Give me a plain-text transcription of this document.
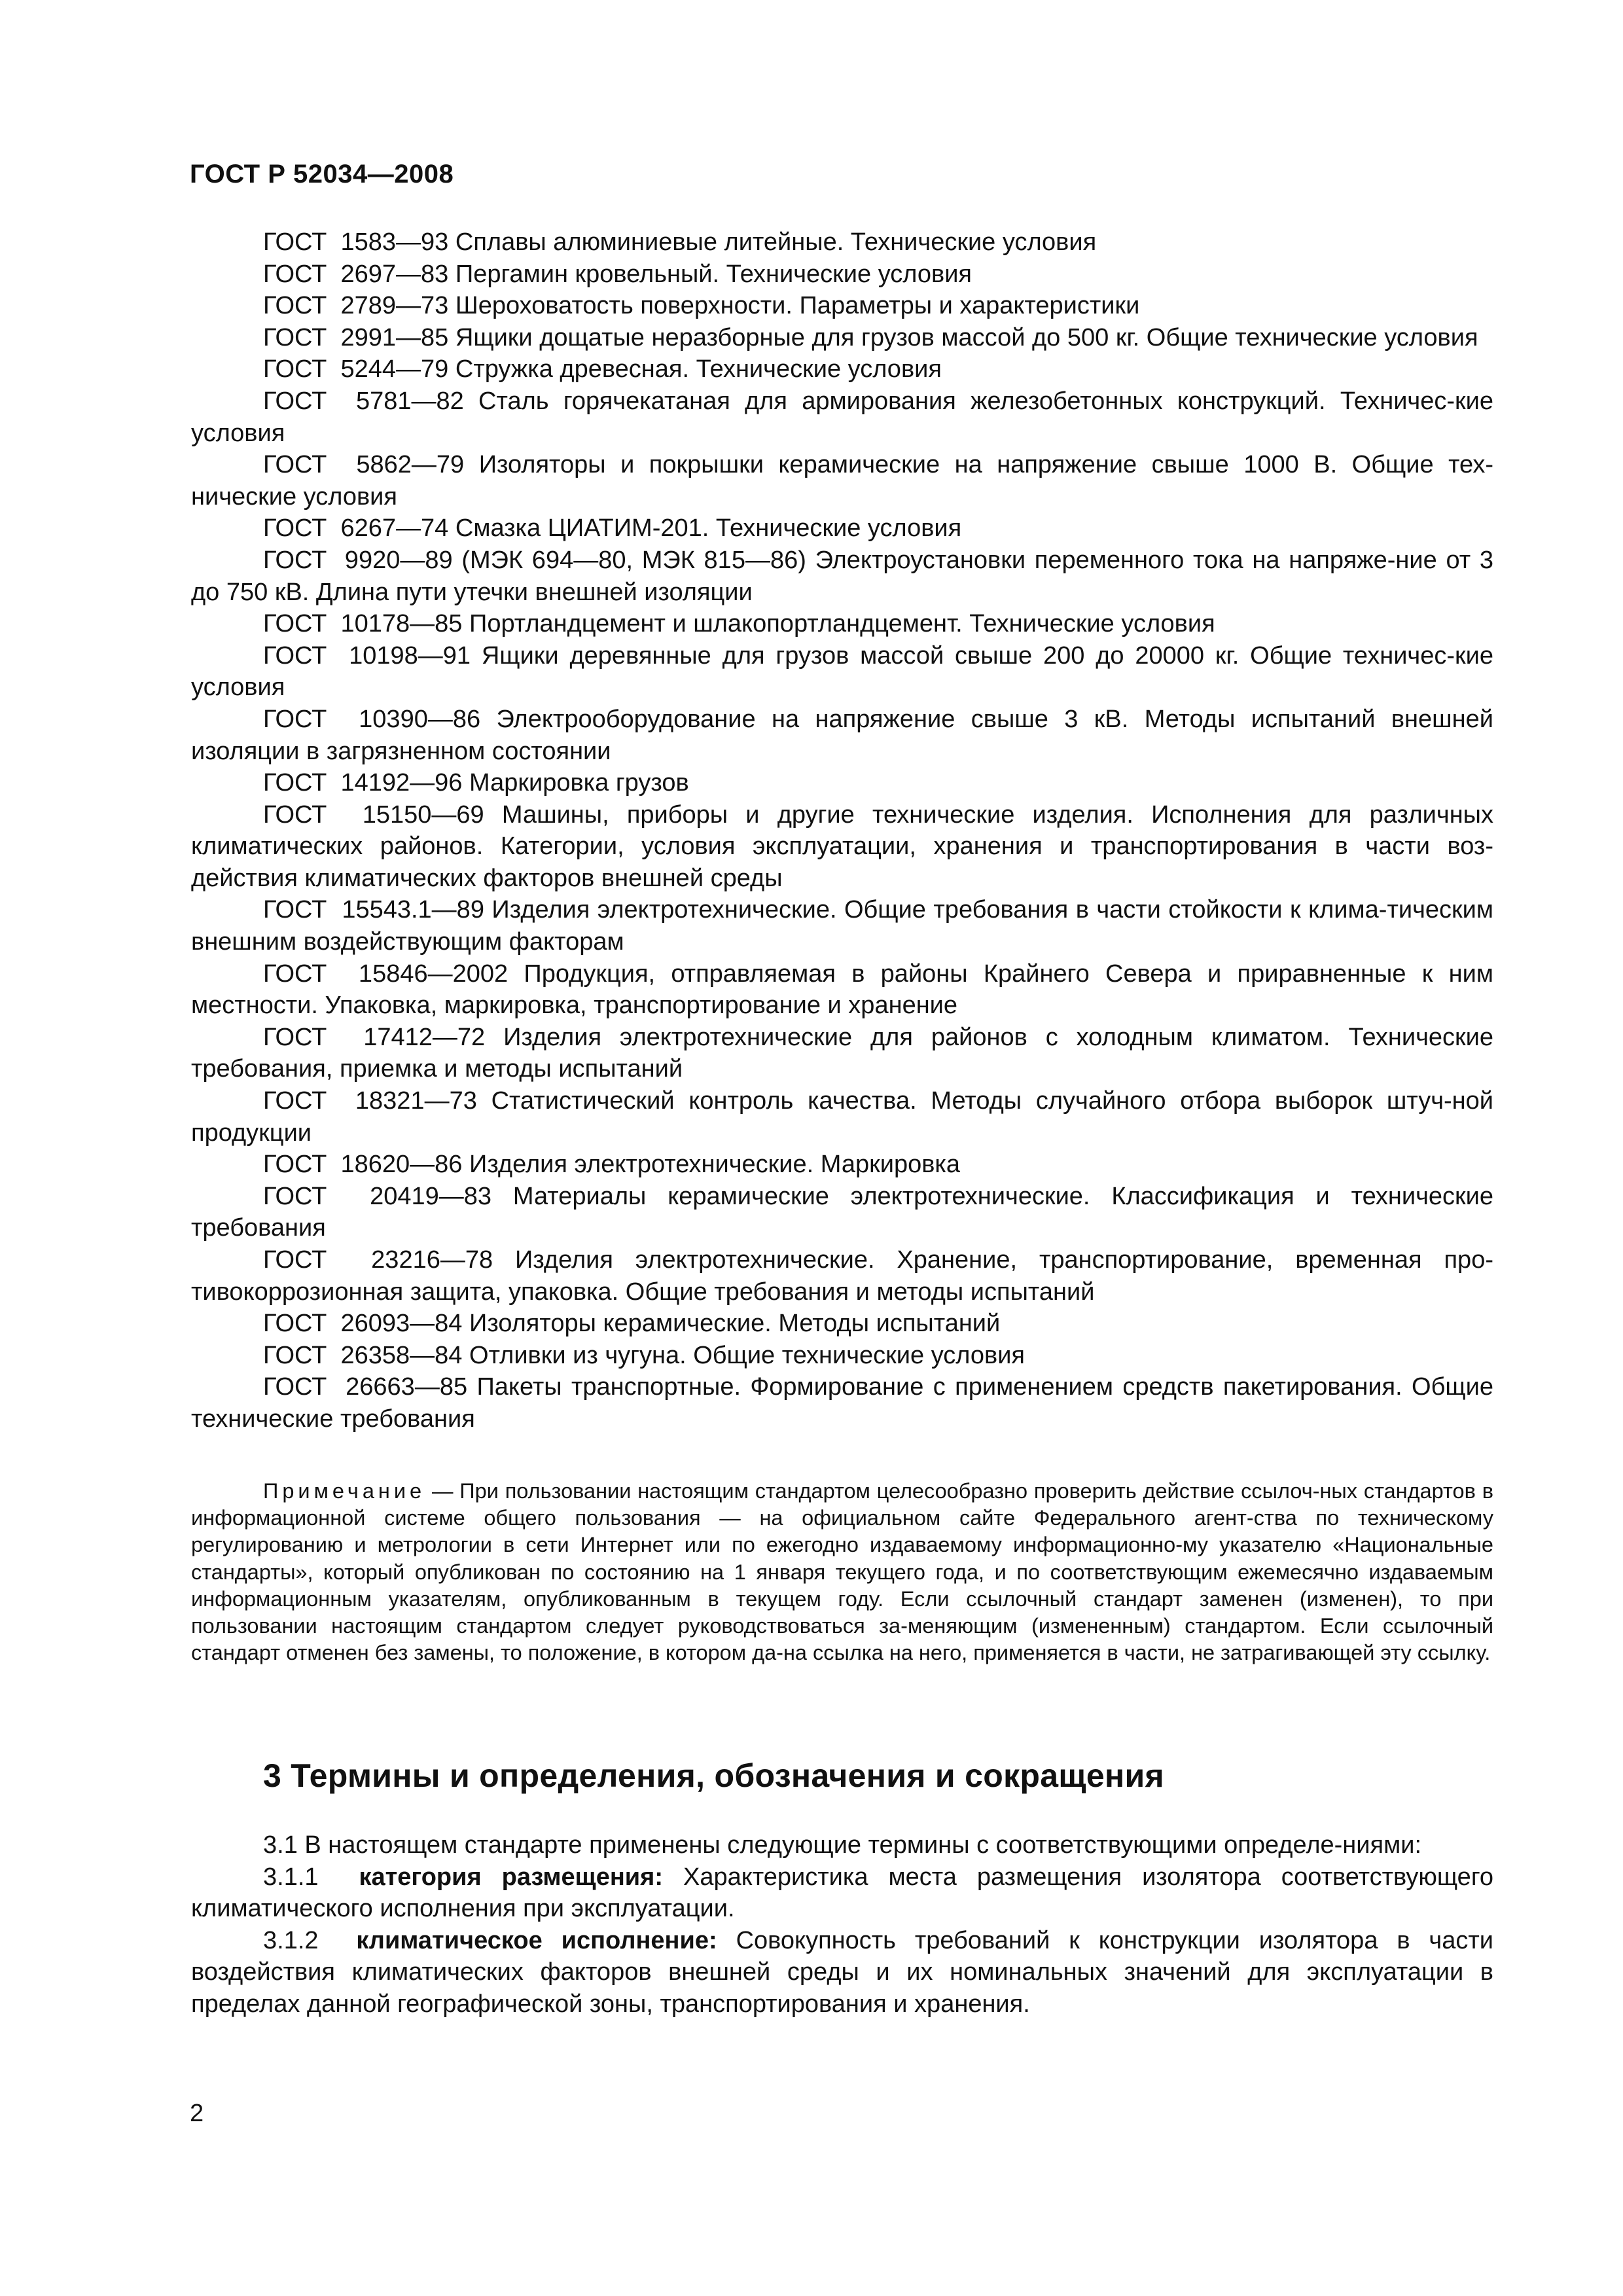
ГОСТ Р 52034—2008

ГОСТ  1583—93 Сплавы алюминиевые литейные. Технические условия

ГОСТ  2697—83 Пергамин кровельный. Технические условия

ГОСТ  2789—73 Шероховатость поверхности. Параметры и характеристики

ГОСТ  2991—85 Ящики дощатые неразборные для грузов массой до 500 кг. Общие технические условия

ГОСТ  5244—79 Стружка древесная. Технические условия

ГОСТ  5781—82 Сталь горячекатаная для армирования железобетонных конструкций. Техничес-кие условия

ГОСТ  5862—79 Изоляторы и покрышки керамические на напряжение свыше 1000 В. Общие тех-нические условия

ГОСТ  6267—74 Смазка ЦИАТИМ-201. Технические условия

ГОСТ  9920—89 (МЭК 694—80, МЭК 815—86) Электроустановки переменного тока на напряже-ние от 3 до 750 кВ. Длина пути утечки внешней изоляции

ГОСТ  10178—85 Портландцемент и шлакопортландцемент. Технические условия

ГОСТ  10198—91 Ящики деревянные для грузов массой свыше 200 до 20000 кг. Общие техничес-кие условия

ГОСТ  10390—86 Электрооборудование на напряжение свыше 3 кВ. Методы испытаний внешней изоляции в загрязненном состоянии

ГОСТ  14192—96 Маркировка грузов

ГОСТ  15150—69 Машины, приборы и другие технические изделия. Исполнения для различных климатических районов. Категории, условия эксплуатации, хранения и транспортирования в части воз-действия климатических факторов внешней среды

ГОСТ  15543.1—89 Изделия электротехнические. Общие требования в части стойкости к клима-тическим внешним воздействующим факторам

ГОСТ  15846—2002 Продукция, отправляемая в районы Крайнего Севера и приравненные к ним местности. Упаковка, маркировка, транспортирование и хранение

ГОСТ  17412—72 Изделия электротехнические для районов с холодным климатом. Технические требования, приемка и методы испытаний

ГОСТ  18321—73 Статистический контроль качества. Методы случайного отбора выборок штуч-ной продукции

ГОСТ  18620—86 Изделия электротехнические. Маркировка

ГОСТ  20419—83 Материалы керамические электротехнические. Классификация и технические требования

ГОСТ  23216—78 Изделия электротехнические. Хранение, транспортирование, временная про-тивокоррозионная защита, упаковка. Общие требования и методы испытаний

ГОСТ  26093—84 Изоляторы керамические. Методы испытаний

ГОСТ  26358—84 Отливки из чугуна. Общие технические условия

ГОСТ  26663—85 Пакеты транспортные. Формирование с применением средств пакетирования. Общие технические требования

Примечание — При пользовании настоящим стандартом целесообразно проверить действие ссылоч-ных стандартов в информационной системе общего пользования — на официальном сайте Федерального агент-ства по техническому регулированию и метрологии в сети Интернет или по ежегодно издаваемому информационно-му указателю «Национальные стандарты», который опубликован по состоянию на 1 января текущего года, и по соответствующим ежемесячно издаваемым информационным указателям, опубликованным в текущем году. Если ссылочный стандарт заменен (изменен), то при пользовании настоящим стандартом следует руководствоваться за-меняющим (измененным) стандартом. Если ссылочный стандарт отменен без замены, то положение, в котором да-на ссылка на него, применяется в части, не затрагивающей эту ссылку.

3 Термины и определения, обозначения и сокращения

3.1 В настоящем стандарте применены следующие термины с соответствующими определе-ниями:

3.1.1 категория размещения: Характеристика места размещения изолятора соответствующего климатического исполнения при эксплуатации.

3.1.2 климатическое исполнение: Совокупность требований к конструкции изолятора в части воздействия климатических факторов внешней среды и их номинальных значений для эксплуатации в пределах данной географической зоны, транспортирования и хранения.

2
